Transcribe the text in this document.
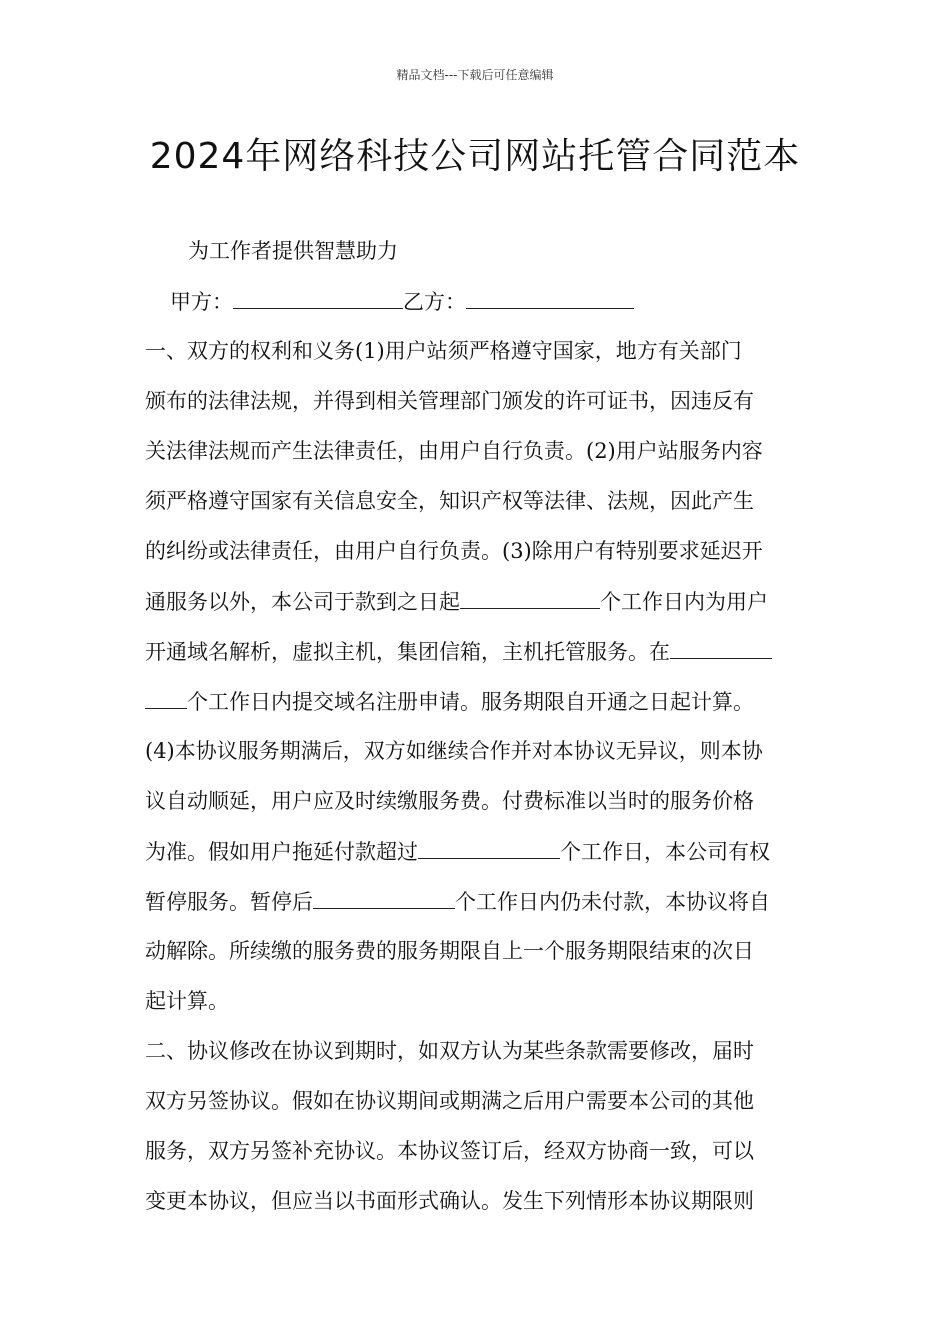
精品文档---下载后可任意编辑
2024年网络科技公司网站托管合同范本
为工作者提供智慧助力
甲方：	乙方：
一、双方的权利和义务(1)用户站须严格遵守国家，地方有关部门
颁布的法律法规，并得到相关管理部门颁发的许可证书，因违反有
关法律法规而产生法律责任，由用户自行负责。(2)用户站服务内容
须严格遵守国家有关信息安全，知识产权等法律、法规，因此产生
的纠纷或法律责任，由用户自行负责。(3)除用户有特别要求延迟开
通服务以外，本公司于款到之日起	个工作日内为用户
开通域名解析，虚拟主机，集团信箱，主机托管服务。在
个工作日内提交域名注册申请。服务期限自开通之日起计算。
(4)本协议服务期满后，双方如继续合作并对本协议无异议，则本协
议自动顺延，用户应及时续缴服务费。付费标准以当时的服务价格
为准。假如用户拖延付款超过	个工作日，本公司有权
暂停服务。暂停后	个工作日内仍未付款，本协议将自
动解除。所续缴的服务费的服务期限自上一个服务期限结束的次日
起计算。
二、协议修改在协议到期时，如双方认为某些条款需要修改，届时
双方另签协议。假如在协议期间或期满之后用户需要本公司的其他
服务，双方另签补充协议。本协议签订后，经双方协商一致，可以
变更本协议，但应当以书面形式确认。发生下列情形本协议期限则
